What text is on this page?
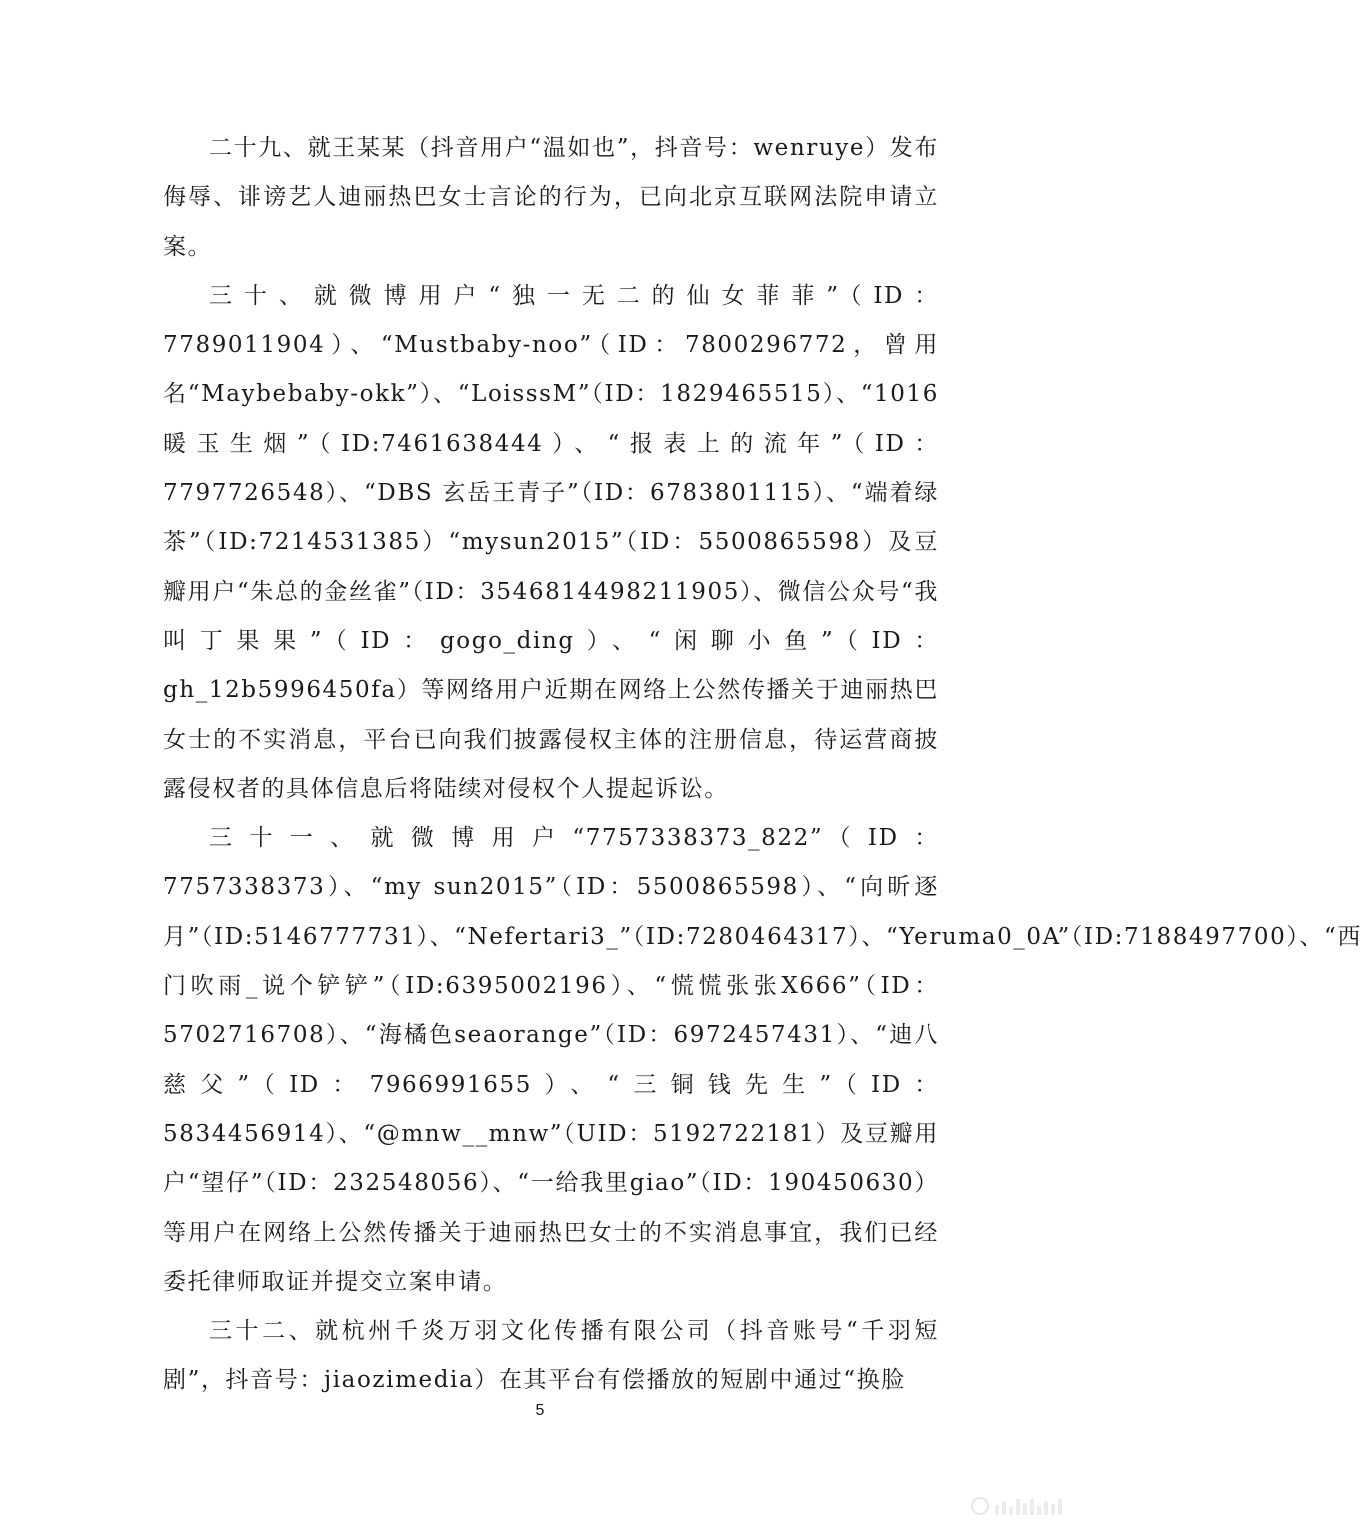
二十九、就王某某（抖音用户“温如也”，抖音号：wenruye）发布侮辱、诽谤艺人迪丽热巴女士言论的行为，已向北京互联网法院申请立案。

三十、就微博用户“独一无二的仙女菲菲”（ID：7789011904）、“Mustbaby-noo”（ID：7800296772，曾用名“Maybebaby-okk”）、“LoisssM”（ID：1829465515）、“1016 暖玉生烟”（ID:7461638444）、“报表上的流年”（ID：7797726548）、“DBS 玄岳王青子”（ID：6783801115）、“端着绿茶”（ID:7214531385）“mysun2015”（ID：5500865598）及豆瓣用户“朱总的金丝雀”（ID：3546814498211905）、微信公众号“我叫丁果果”（ID：gogo_ding）、“闲聊小鱼”（ID：gh_12b5996450fa）等网络用户近期在网络上公然传播关于迪丽热巴女士的不实消息，平台已向我们披露侵权主体的注册信息，待运营商披露侵权者的具体信息后将陆续对侵权个人提起诉讼。

三十一、就微博用户“7757338373_822”（ID：7757338373）、“my sun2015”（ID：5500865598）、“向昕逐月”（ID:5146777731）、“Nefertari3_”（ID:7280464317）、“Yeruma0_0A”（ID:7188497700）、“西门吹雨_说个铲铲”（ID:6395002196）、“慌慌张张X666”（ID：5702716708）、“海橘色seaorange”（ID：6972457431）、“迪八慈父”（ID：7966991655）、“三铜钱先生”（ID：5834456914）、“@mnw__mnw”（UID：5192722181）及豆瓣用户“望仔”（ID：232548056）、“一给我里giao”（ID：190450630）等用户在网络上公然传播关于迪丽热巴女士的不实消息事宜，我们已经委托律师取证并提交立案申请。

三十二、就杭州千炎万羽文化传播有限公司（抖音账号“千羽短剧”，抖音号：jiaozimedia）在其平台有偿播放的短剧中通过“换脸

5
